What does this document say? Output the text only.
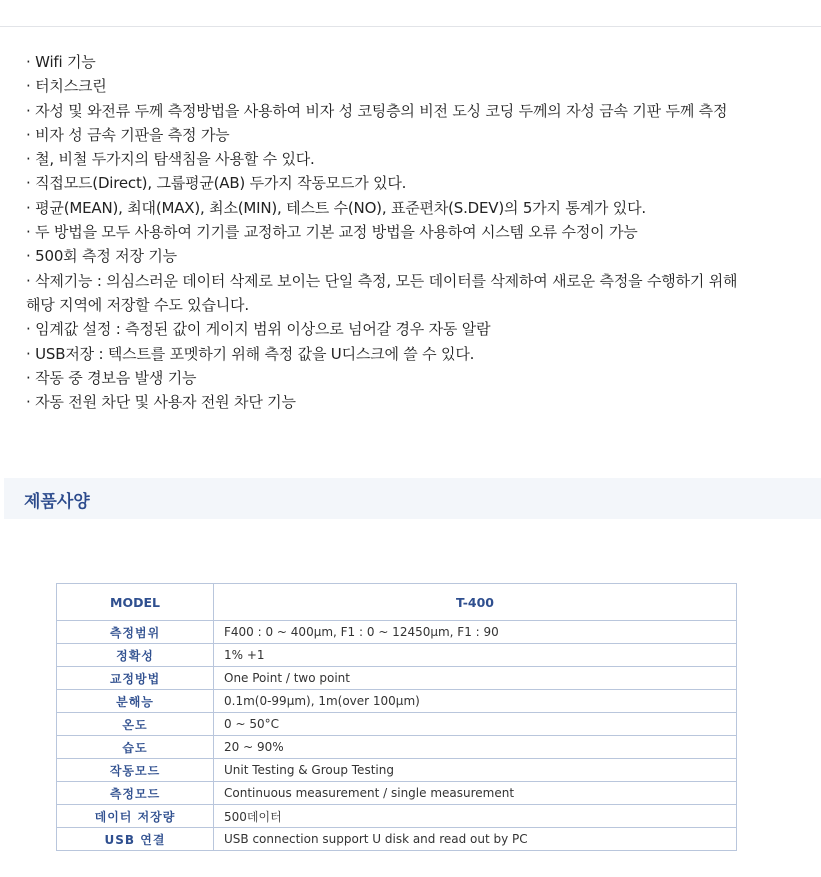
· Wifi 기능
· 터치스크린
· 자성 및 와전류 두께 측정방법을 사용하여 비자 성 코팅층의 비전 도싱 코딩 두께의 자성 금속 기판 두께 측정
· 비자 성 금속 기판을 측정 가능
· 철, 비철 두가지의 탐색침을 사용할 수 있다.
· 직접모드(Direct), 그룹평균(AB) 두가지 작동모드가 있다.
· 평균(MEAN), 최대(MAX), 최소(MIN), 테스트 수(NO), 표준편차(S.DEV)의 5가지 통계가 있다.
· 두 방법을 모두 사용하여 기기를 교정하고 기본 교정 방법을 사용하여 시스템 오류 수정이 가능
· 500회 측정 저장 기능
· 삭제기능 : 의심스러운 데이터 삭제로 보이는 단일 측정, 모든 데이터를 삭제하여 새로운 측정을 수행하기 위해
해당 지역에 저장할 수도 있습니다.
· 임계값 설정 : 측정된 값이 게이지 범위 이상으로 넘어갈 경우 자동 알람
· USB저장 : 텍스트를 포멧하기 위해 측정 값을 U디스크에 쓸 수 있다.
· 작동 중 경보음 발생 기능
· 자동 전원 차단 및 사용자 전원 차단 기능
제품사양
MODEL	T-400
측정범위	F400 : 0 ~ 400μm, F1 : 0 ~ 12450μm, F1 : 90
정확성	1% +1
교정방법	One Point / two point
분해능	0.1m(0-99μm), 1m(over 100μm)
온도	0 ~ 50°C
습도	20 ~ 90%
작동모드	Unit Testing & Group Testing
측정모드	Continuous measurement / single measurement
데이터 저장량	500데이터
USB 연결	USB connection support U disk and read out by PC
